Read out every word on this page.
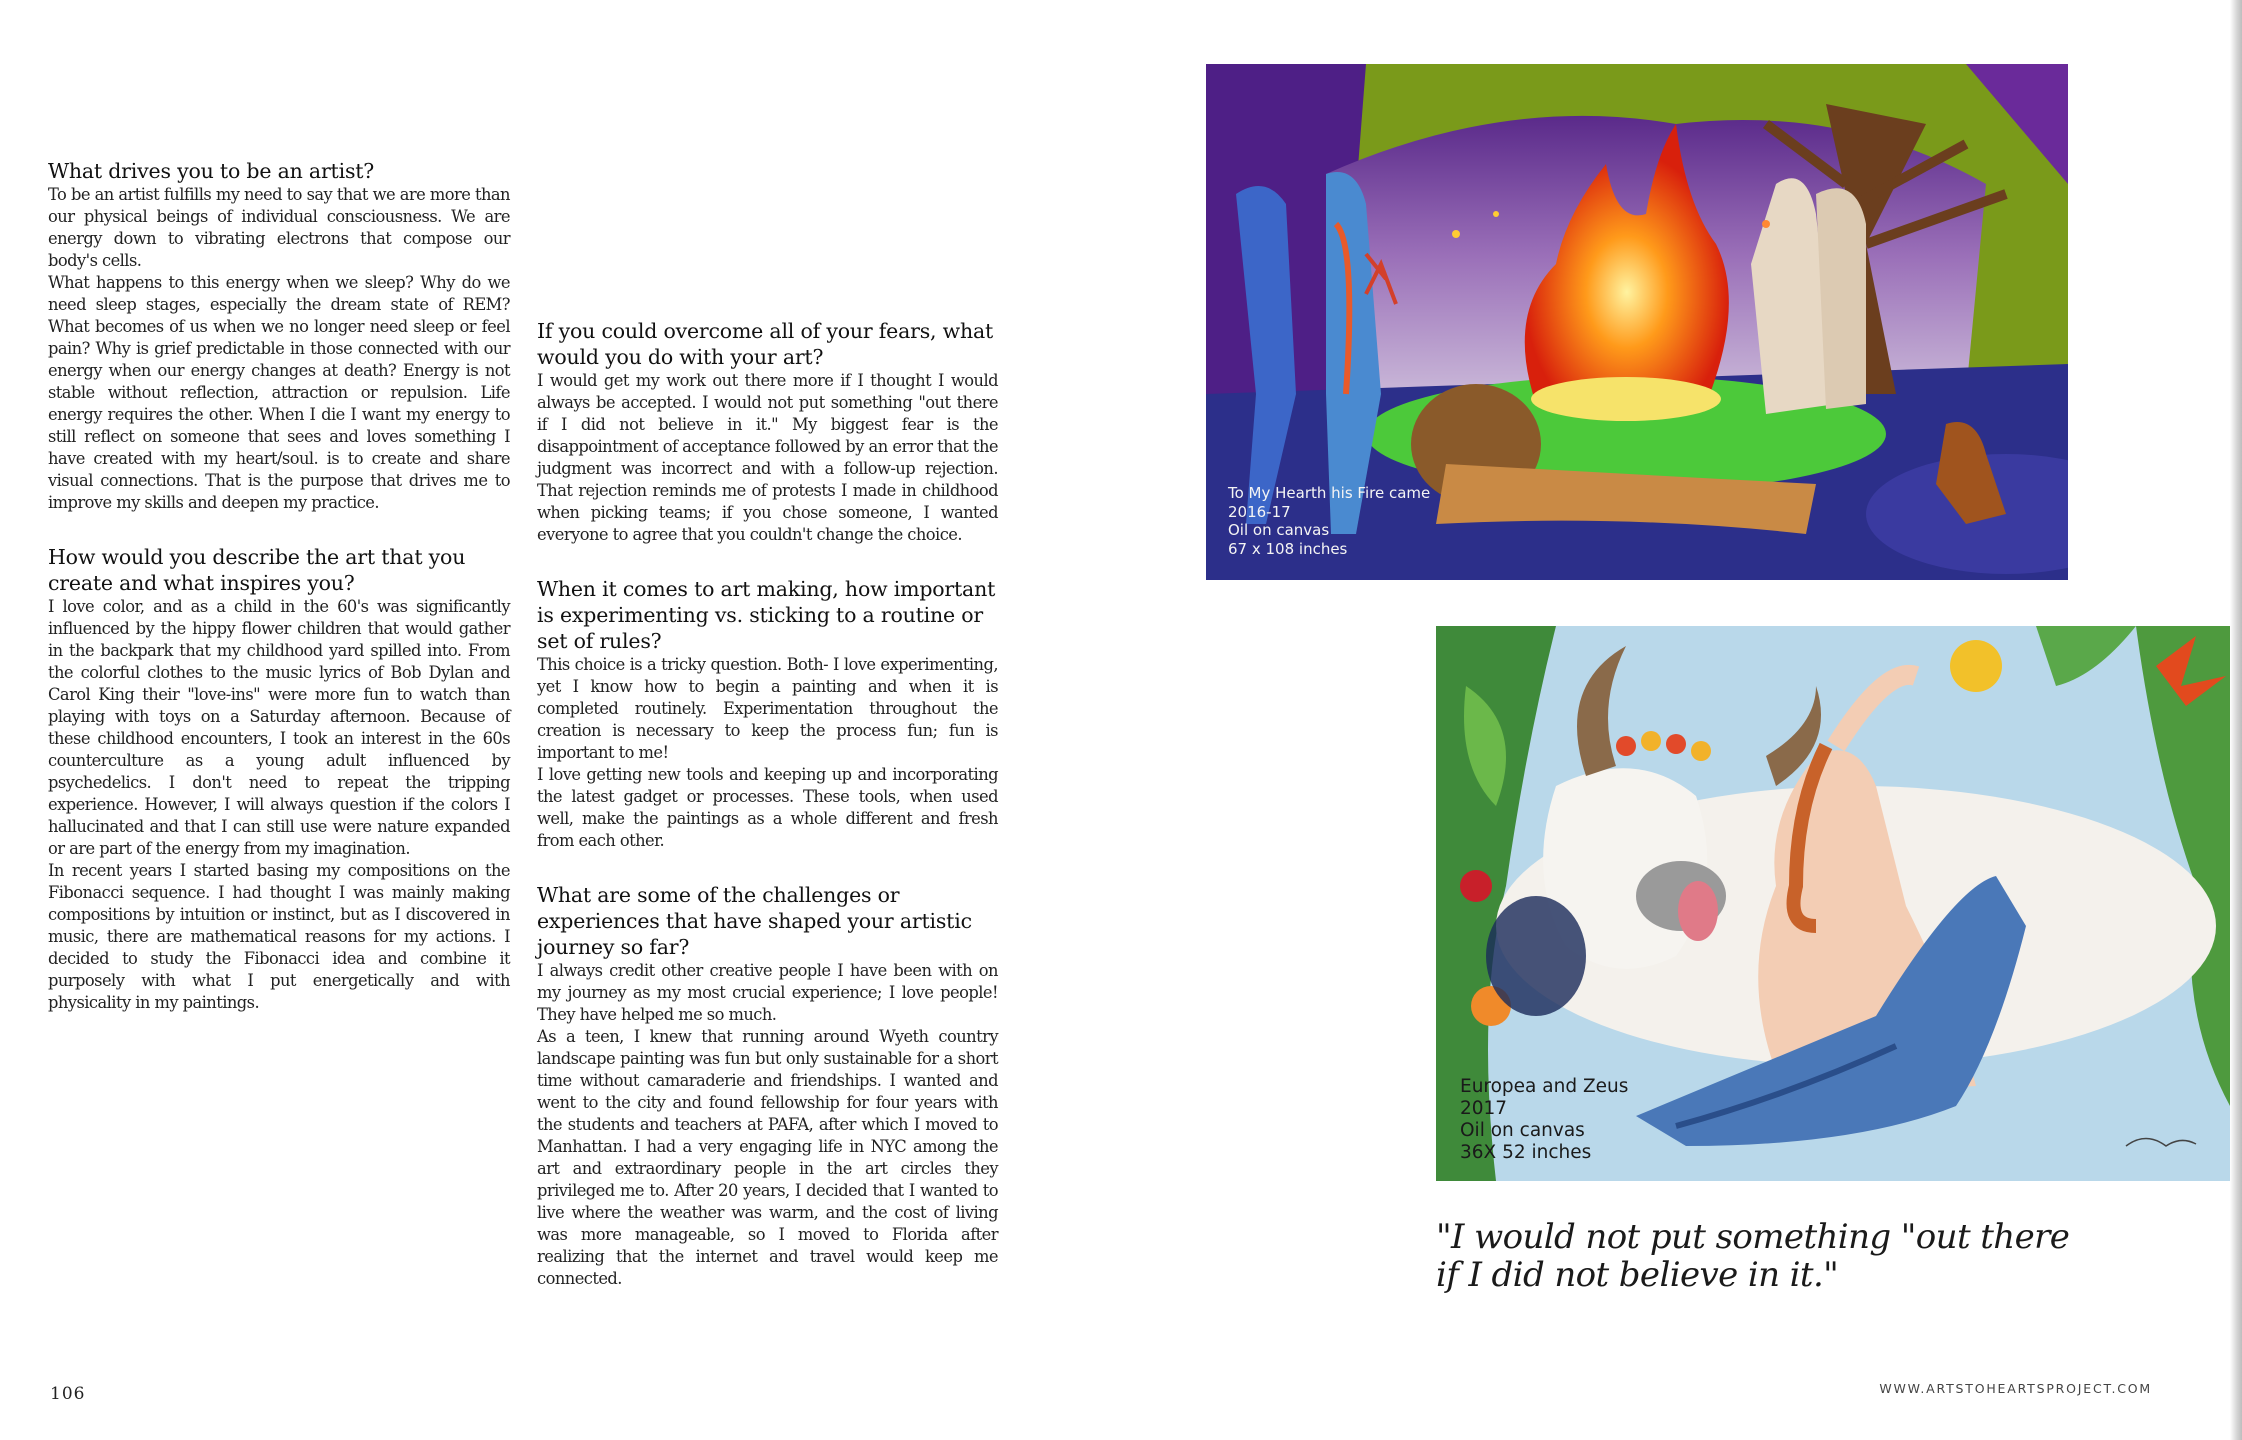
What drives you to be an artist?

To be an artist fulfills my need to say that we are more than our physical beings of individual consciousness. We are energy down to vibrating electrons that compose our body's cells.

What happens to this energy when we sleep? Why do we need sleep stages, especially the dream state of REM? What becomes of us when we no longer need sleep or feel pain? Why is grief predictable in those connected with our energy when our energy changes at death? Energy is not stable without reflection, attraction or repulsion. Life energy requires the other. When I die I want my energy to still reflect on someone that sees and loves something I have created with my heart/soul. is to create and share visual connections. That is the purpose that drives me to improve my skills and deepen my practice.

How would you describe the art that you create and what inspires you?

I love color, and as a child in the 60's was significantly influenced by the hippy flower children that would gather in the backpark that my childhood yard spilled into. From the colorful clothes to the music lyrics of Bob Dylan and Carol King their "love-ins" were more fun to watch than playing with toys on a Saturday afternoon. Because of these childhood encounters, I took an interest in the 60s counterculture as a young adult influenced by psychedelics. I don't need to repeat the tripping experience. However, I will always question if the colors I hallucinated and that I can still use were nature expanded or are part of the energy from my imagination.

In recent years I started basing my compositions on the Fibonacci sequence. I had thought I was mainly making compositions by intuition or instinct, but as I discovered in music, there are mathematical reasons for my actions. I decided to study the Fibonacci idea and combine it purposely with what I put energetically and with physicality in my paintings.

If you could overcome all of your fears, what would you do with your art?

I would get my work out there more if I thought I would always be accepted. I would not put something "out there if I did not believe in it." My biggest fear is the disappointment of acceptance followed by an error that the judgment was incorrect and with a follow-up rejection. That rejection reminds me of protests I made in childhood when picking teams; if you chose someone, I wanted everyone to agree that you couldn't change the choice.

When it comes to art making, how important is experimenting vs. sticking to a routine or set of rules?

This choice is a tricky question. Both- I love experimenting, yet I know how to begin a painting and when it is completed routinely. Experimentation throughout the creation is necessary to keep the process fun; fun is important to me!

I love getting new tools and keeping up and incorporating the latest gadget or processes. These tools, when used well, make the paintings as a whole different and fresh from each other.

What are some of the challenges or experiences that have shaped your artistic journey so far?

I always credit other creative people I have been with on my journey as my most crucial experience; I love people! They have helped me so much.

As a teen, I knew that running around Wyeth country landscape painting was fun but only sustainable for a short time without camaraderie and friendships. I wanted and went to the city and found fellowship for four years with the students and teachers at PAFA, after which I moved to Manhattan. I had a very engaging life in NYC among the art and extraordinary people in the art circles they privileged me to. After 20 years, I decided that I wanted to live where the weather was warm, and the cost of living was more manageable, so I moved to Florida after realizing that the internet and travel would keep me connected.

To My Hearth his Fire came
2016-17
Oil on canvas
67 x 108 inches
Europea and Zeus
2017
Oil on canvas
36X 52 inches
"I would not put something "out there if I did not believe in it."
106	WWW.ARTSTOHEARTSPROJECT.COM
